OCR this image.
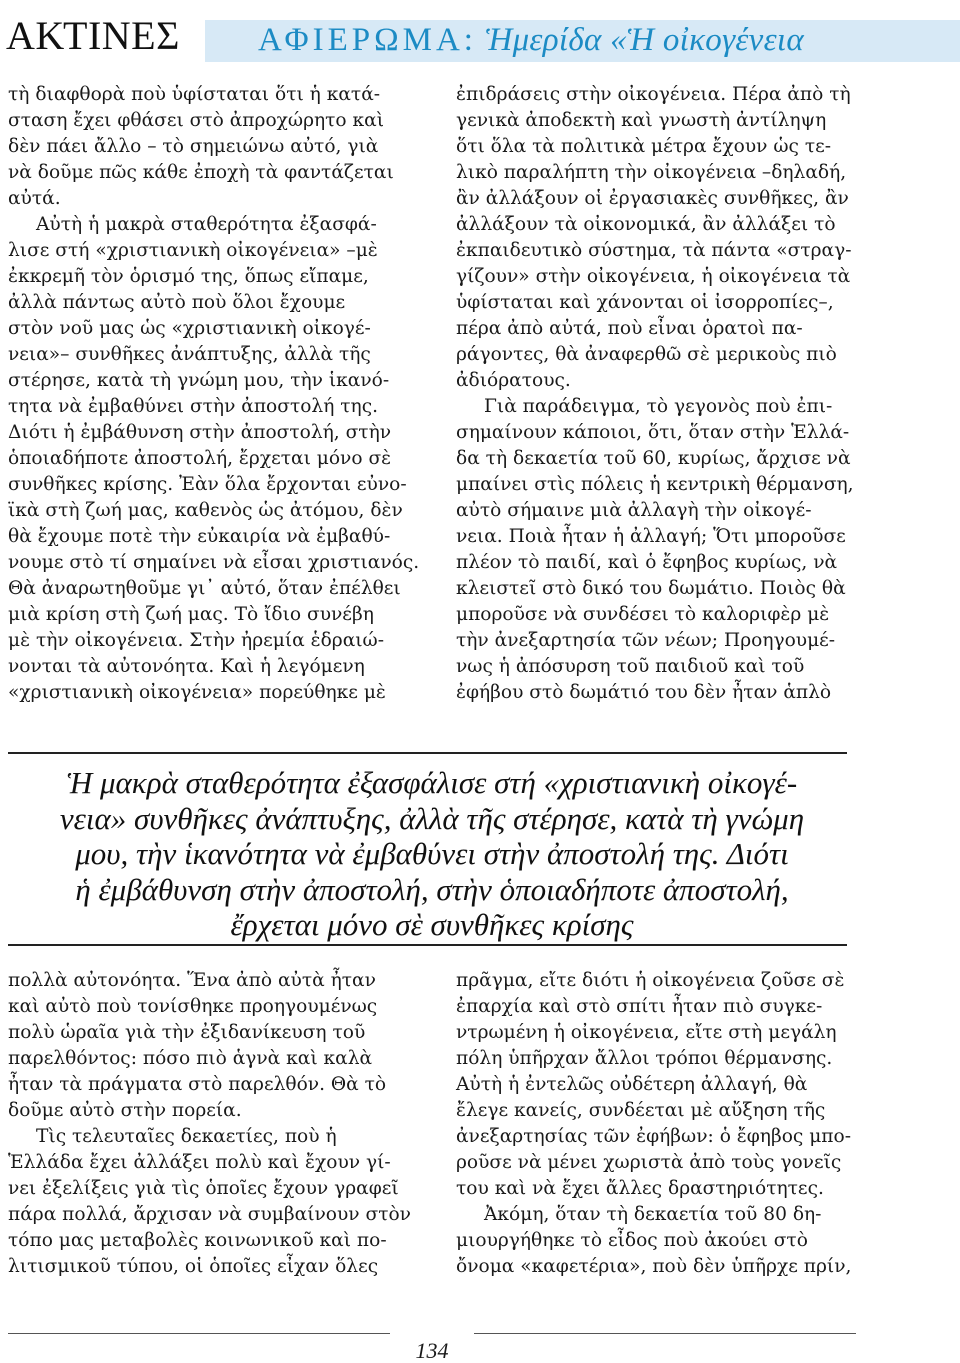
ΑΚΤΙΝΕΣ ΑΦΙΕΡΩΜΑ: Ἡμερίδα «Ἡ οἰκογένεια

τὴ διαφθορὰ ποὺ ὑφίσταται ὅτι ἡ κατά-
σταση ἔχει φθάσει στὸ ἀπροχώρητο καὶ
δὲν πάει ἄλλο – τὸ σημειώνω αὐτό, γιὰ
νὰ δοῦμε πῶς κάθε ἐποχὴ τὰ φαντάζεται
αὐτά.

Αὐτὴ ἡ μακρὰ σταθερότητα ἐξασφά-
λισε στή «χριστιανικὴ οἰκογένεια» –μὲ
ἐκκρεμῆ τὸν ὁρισμό της, ὅπως εἴπαμε,
ἀλλὰ πάντως αὐτὸ ποὺ ὅλοι ἔχουμε
στὸν νοῦ μας ὡς «χριστιανικὴ οἰκογέ-
νεια»– συνθῆκες ἀνάπτυξης, ἀλλὰ τῆς
στέρησε, κατὰ τὴ γνώμη μου, τὴν ἱκανό-
τητα νὰ ἐμβαθύνει στὴν ἀποστολή της.
Διότι ἡ ἐμβάθυνση στὴν ἀποστολή, στὴν
ὁποιαδήποτε ἀποστολή, ἔρχεται μόνο σὲ
συνθῆκες κρίσης. Ἐὰν ὅλα ἔρχονται εὐνο-
ϊκὰ στὴ ζωή μας, καθενὸς ὡς ἀτόμου, δὲν
θὰ ἔχουμε ποτὲ τὴν εὐκαιρία νὰ ἐμβαθύ-
νουμε στὸ τί σημαίνει νὰ εἶσαι χριστιανός.
Θὰ ἀναρωτηθοῦμε γι᾿ αὐτό, ὅταν ἐπέλθει
μιὰ κρίση στὴ ζωή μας. Τὸ ἴδιο συνέβη
μὲ τὴν οἰκογένεια. Στὴν ἠρεμία ἑδραιώ-
νονται τὰ αὐτονόητα. Καὶ ἡ λεγόμενη
«χριστιανικὴ οἰκογένεια» πορεύθηκε μὲ

ἐπιδράσεις στὴν οἰκογένεια. Πέρα ἀπὸ τὴ
γενικὰ ἀποδεκτὴ καὶ γνωστὴ ἀντίληψη
ὅτι ὅλα τὰ πολιτικὰ μέτρα ἔχουν ὡς τε-
λικὸ παραλήπτη τὴν οἰκογένεια –δηλαδή,
ἂν ἀλλάξουν οἱ ἐργασιακὲς συνθῆκες, ἂν
ἀλλάξουν τὰ οἰκονομικά, ἂν ἀλλάξει τὸ
ἐκπαιδευτικὸ σύστημα, τὰ πάντα «στραγ-
γίζουν» στὴν οἰκογένεια, ἡ οἰκογένεια τὰ
ὑφίσταται καὶ χάνονται οἱ ἰσορροπίες–,
πέρα ἀπὸ αὐτά, ποὺ εἶναι ὁρατοὶ πα-
ράγοντες, θὰ ἀναφερθῶ σὲ μερικοὺς πιὸ
ἀδιόρατους.

Γιὰ παράδειγμα, τὸ γεγονὸς ποὺ ἐπι-
σημαίνουν κάποιοι, ὅτι, ὅταν στὴν Ἑλλά-
δα τὴ δεκαετία τοῦ 60, κυρίως, ἄρχισε νὰ
μπαίνει στὶς πόλεις ἡ κεντρικὴ θέρμανση,
αὐτὸ σήμαινε μιὰ ἀλλαγὴ τὴν οἰκογέ-
νεια. Ποιὰ ἦταν ἡ ἀλλαγή; Ὅτι μποροῦσε
πλέον τὸ παιδί, καὶ ὁ ἔφηβος κυρίως, νὰ
κλειστεῖ στὸ δικό του δωμάτιο. Ποιὸς θὰ
μποροῦσε νὰ συνδέσει τὸ καλοριφὲρ μὲ
τὴν ἀνεξαρτησία τῶν νέων; Προηγουμέ-
νως ἡ ἀπόσυρση τοῦ παιδιοῦ καὶ τοῦ
ἐφήβου στὸ δωμάτιό του δὲν ἦταν ἁπλὸ

Ἡ μακρὰ σταθερότητα ἐξασφάλισε στή «χριστιανικὴ οἰκογέ-
νεια» συνθῆκες ἀνάπτυξης, ἀλλὰ τῆς στέρησε, κατὰ τὴ γνώμη
μου, τὴν ἱκανότητα νὰ ἐμβαθύνει στὴν ἀποστολή της. Διότι
ἡ ἐμβάθυνση στὴν ἀποστολή, στὴν ὁποιαδήποτε ἀποστολή,
ἔρχεται μόνο σὲ συνθῆκες κρίσης

πολλὰ αὐτονόητα. Ἕνα ἀπὸ αὐτὰ ἦταν
καὶ αὐτὸ ποὺ τονίσθηκε προηγουμένως
πολὺ ὡραῖα γιὰ τὴν ἐξιδανίκευση τοῦ
παρελθόντος: πόσο πιὸ ἁγνὰ καὶ καλὰ
ἦταν τὰ πράγματα στὸ παρελθόν. Θὰ τὸ
δοῦμε αὐτὸ στὴν πορεία.

Τὶς τελευταῖες δεκαετίες, ποὺ ἡ
Ἑλλάδα ἔχει ἀλλάξει πολὺ καὶ ἔχουν γί-
νει ἐξελίξεις γιὰ τὶς ὁποῖες ἔχουν γραφεῖ
πάρα πολλά, ἄρχισαν νὰ συμβαίνουν στὸν
τόπο μας μεταβολὲς κοινωνικοῦ καὶ πο-
λιτισμικοῦ τύπου, οἱ ὁποῖες εἶχαν ὅλες

πρᾶγμα, εἴτε διότι ἡ οἰκογένεια ζοῦσε σὲ
ἐπαρχία καὶ στὸ σπίτι ἦταν πιὸ συγκε-
ντρωμένη ἡ οἰκογένεια, εἴτε στὴ μεγάλη
πόλη ὑπῆρχαν ἄλλοι τρόποι θέρμανσης.
Αὐτὴ ἡ ἐντελῶς οὐδέτερη ἀλλαγή, θὰ
ἔλεγε κανείς, συνδέεται μὲ αὔξηση τῆς
ἀνεξαρτησίας τῶν ἐφήβων: ὁ ἔφηβος μπο-
ροῦσε νὰ μένει χωριστὰ ἀπὸ τοὺς γονεῖς
του καὶ νὰ ἔχει ἄλλες δραστηριότητες.

Ἀκόμη, ὅταν τὴ δεκαετία τοῦ 80 δη-
μιουργήθηκε τὸ εἶδος ποὺ ἀκούει στὸ
ὄνομα «καφετέρια», ποὺ δὲν ὑπῆρχε πρίν,

134
